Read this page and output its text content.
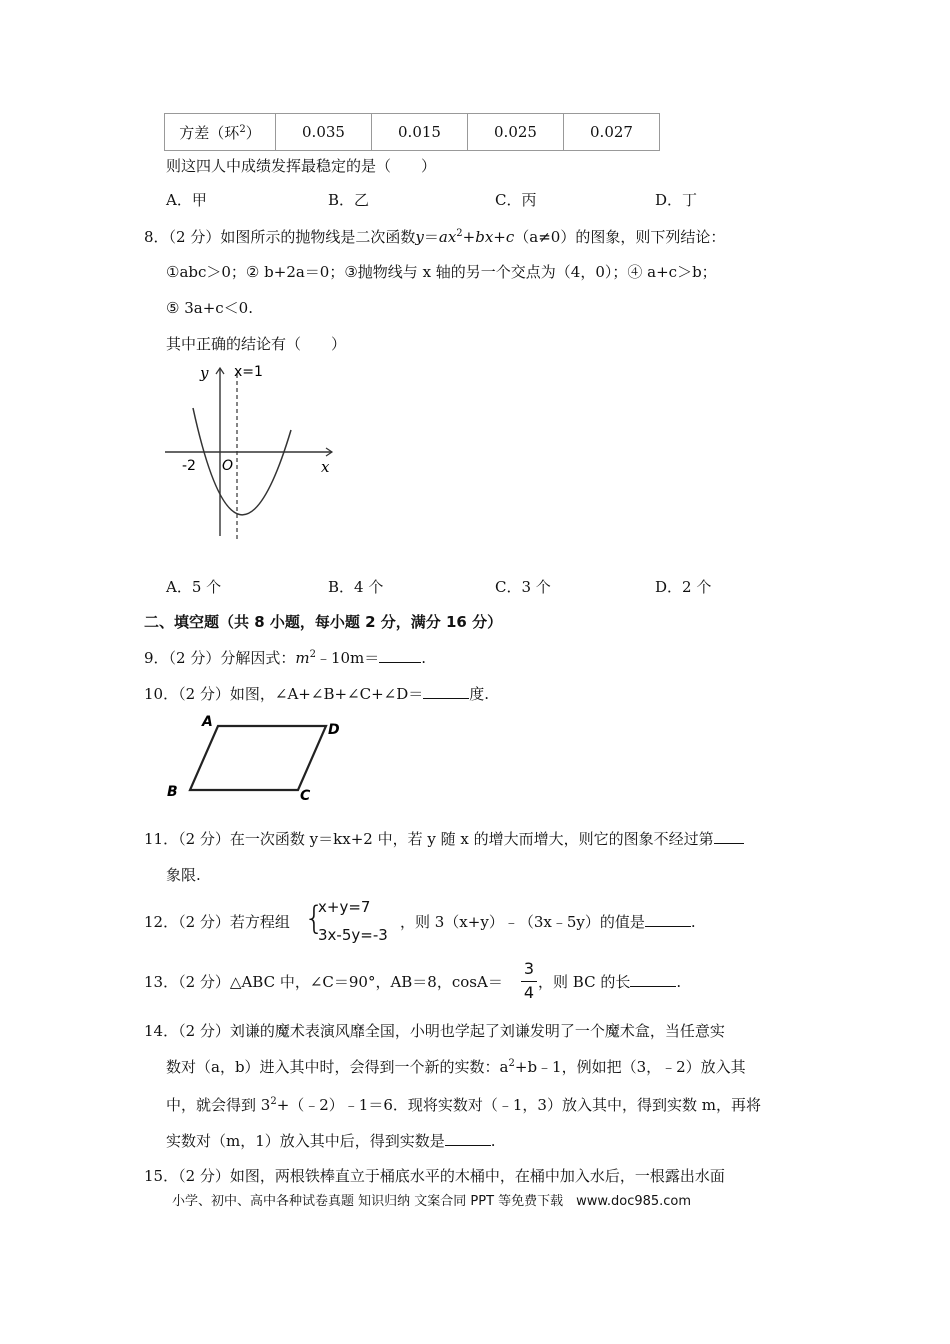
方差（环$^2$）	0.035	0.015	0.025	0.027
则这四人中成绩发挥最稳定的是（　　）
A．甲	B．乙	C．丙	D．丁
8．（2 分）如图所示的抛物线是二次函数$y=ax^2+bx+c(a\ne 0)$的图象，则下列结论：
①abc＞0；② b+2a＝0；③抛物线与 x 轴的另一个交点为（4，0）；④ a+c＞b；
⑤ 3a+c＜0.
其中正确的结论有（　　）
y x=1
x
O
-2
A．5 个	B．4 个	C．3 个	D．2 个
二、填空题（共 8 小题，每小题 2 分，满分 16 分）
9．（2 分）分解因式：$m^2﹣10m=$	.
10．（2 分）如图，∠A+∠B+∠C+∠D＝	度.
A	D
B	C
11．（2 分）在一次函数 y＝kx+2 中，若 y 随 x 的增大而增大，则它的图象不经过第
象限.
12．（2 分）若方程组 {
x+y=7
3x-5y=-3
，则 3（x+y）﹣（3x﹣5y）的值是	.
13．（2 分）△ABC 中，∠C＝90°，AB＝8，cosA＝
3
4
，则 BC 的长	.
14．（2 分）刘谦的魔术表演风靡全国，小明也学起了刘谦发明了一个魔术盒，当任意实
数对（a，b）进入其中时，会得到一个新的实数：$a^2+b﹣1$，例如把（3，﹣2）放入其
中，就会得到 $3^2+(﹣2)﹣1=6$．现将实数对（﹣1，3）放入其中，得到实数 m，再将
实数对（m，1）放入其中后，得到实数是	.
15．（2 分）如图，两根铁棒直立于桶底水平的木桶中，在桶中加入水后，一根露出水面
小学、初中、高中各种试卷真题 知识归纳 文案合同 PPT 等免费下载　www.doc985.com
